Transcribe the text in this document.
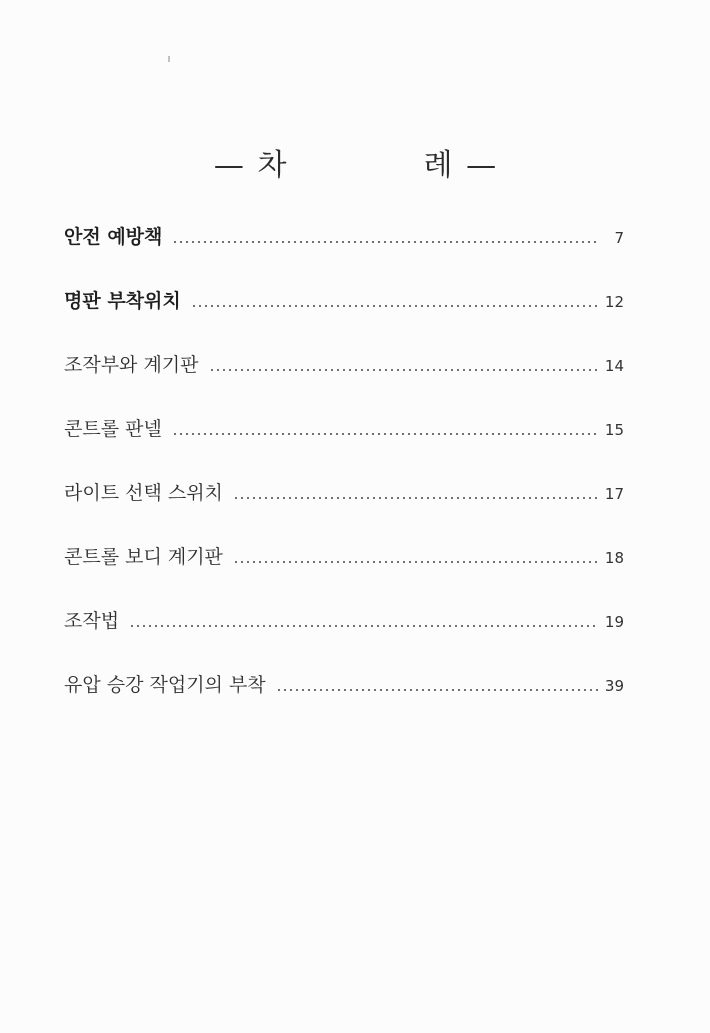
— 차	례 —
안전 예방책	7
명판 부착위치	12
조작부와 계기판	14
콘트롤 판넬	15
라이트 선택 스위치	17
콘트롤 보디 계기판	18
조작법	19
유압 승강 작업기의 부착	39
